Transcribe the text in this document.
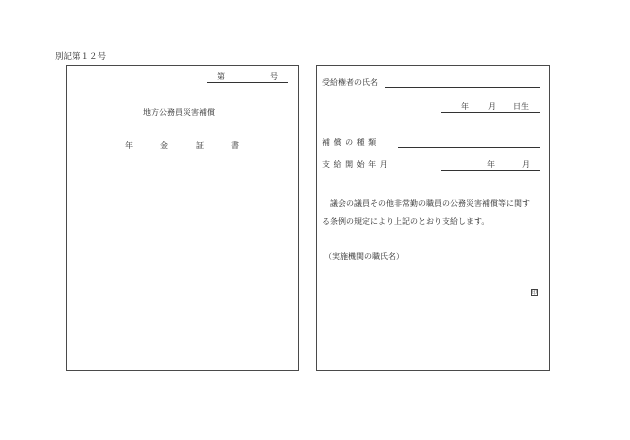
別記第１２号
第	号
地方公務員災害補償
年	金	証	書
受給権者の氏名
年 月 日生
補 償 の 種 類
支 給 開 始 年 月	年	月
議会の議員その他非常勤の職員の公務災害補償等に関す
る条例の規定により上記のとおり支給します。
（実施機関の職氏名）
印
